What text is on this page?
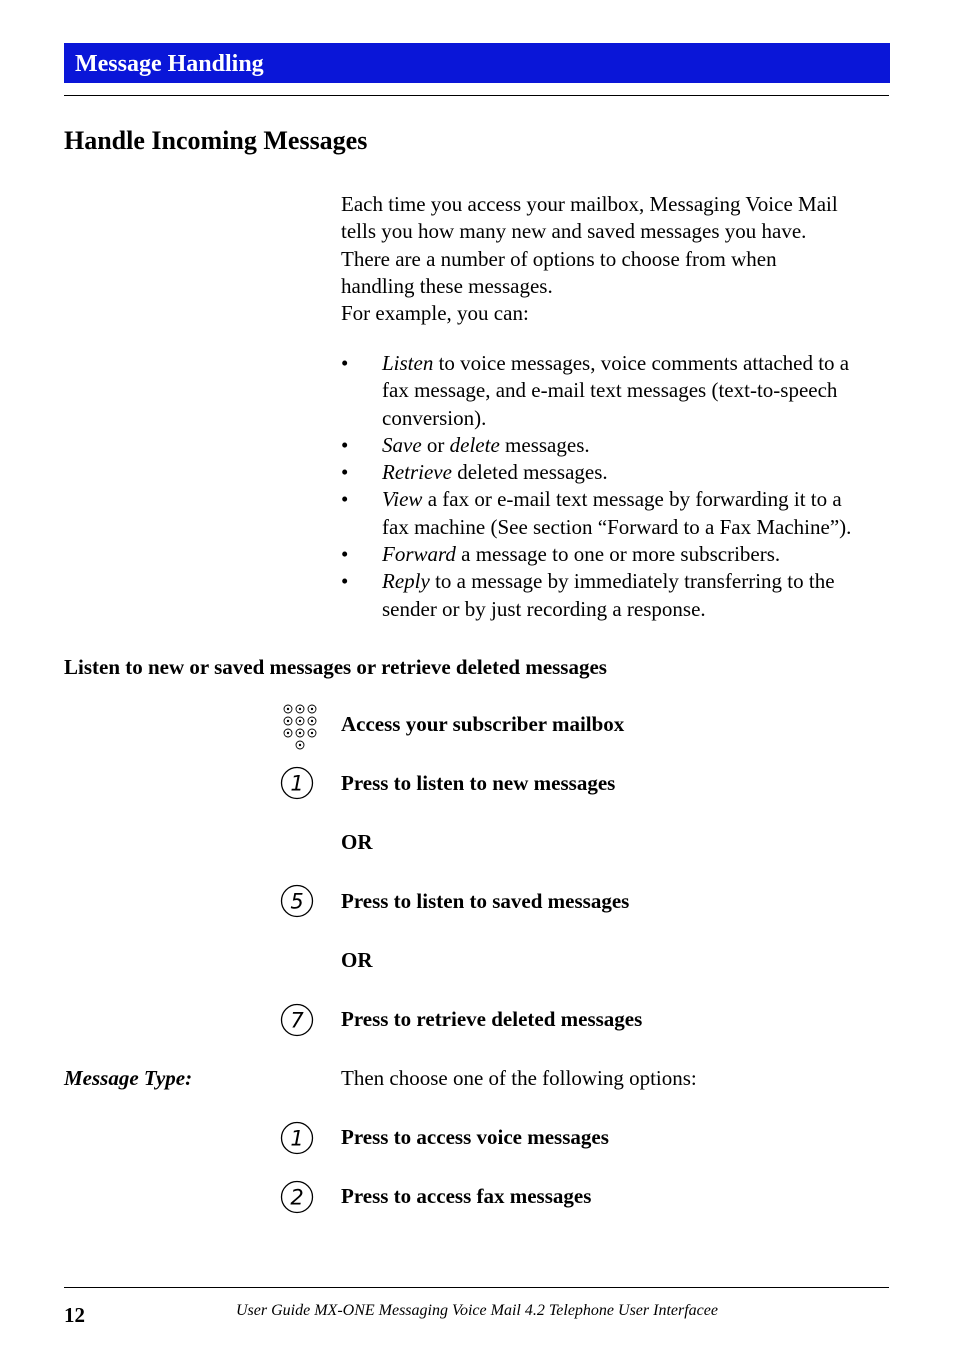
Message Handling
Handle Incoming Messages

Each time you access your mailbox, Messaging Voice Mail

tells you how many new and saved messages you have.

There are a number of options to choose from when

handling these messages.

For example, you can:

• Listen to voice messages, voice comments attached to a
fax message, and e-mail text messages (text-to-speech
conversion).
• Save or delete messages.
• Retrieve deleted messages.
• View a fax or e-mail text message by forwarding it to a
fax machine (See section “Forward to a Fax Machine”).
• Forward a message to one or more subscribers.
• Reply to a message by immediately transferring to the
sender or by just recording a response.
Listen to new or saved messages or retrieve deleted messages
Access your subscriber mailbox
1 Press to listen to new messages
OR
5 Press to listen to saved messages
OR
7 Press to retrieve deleted messages
Message Type:	Then choose one of the following options:
1 Press to access voice messages
2 Press to access fax messages
12	User Guide MX-ONE Messaging Voice Mail 4.2 Telephone User Interfacee
